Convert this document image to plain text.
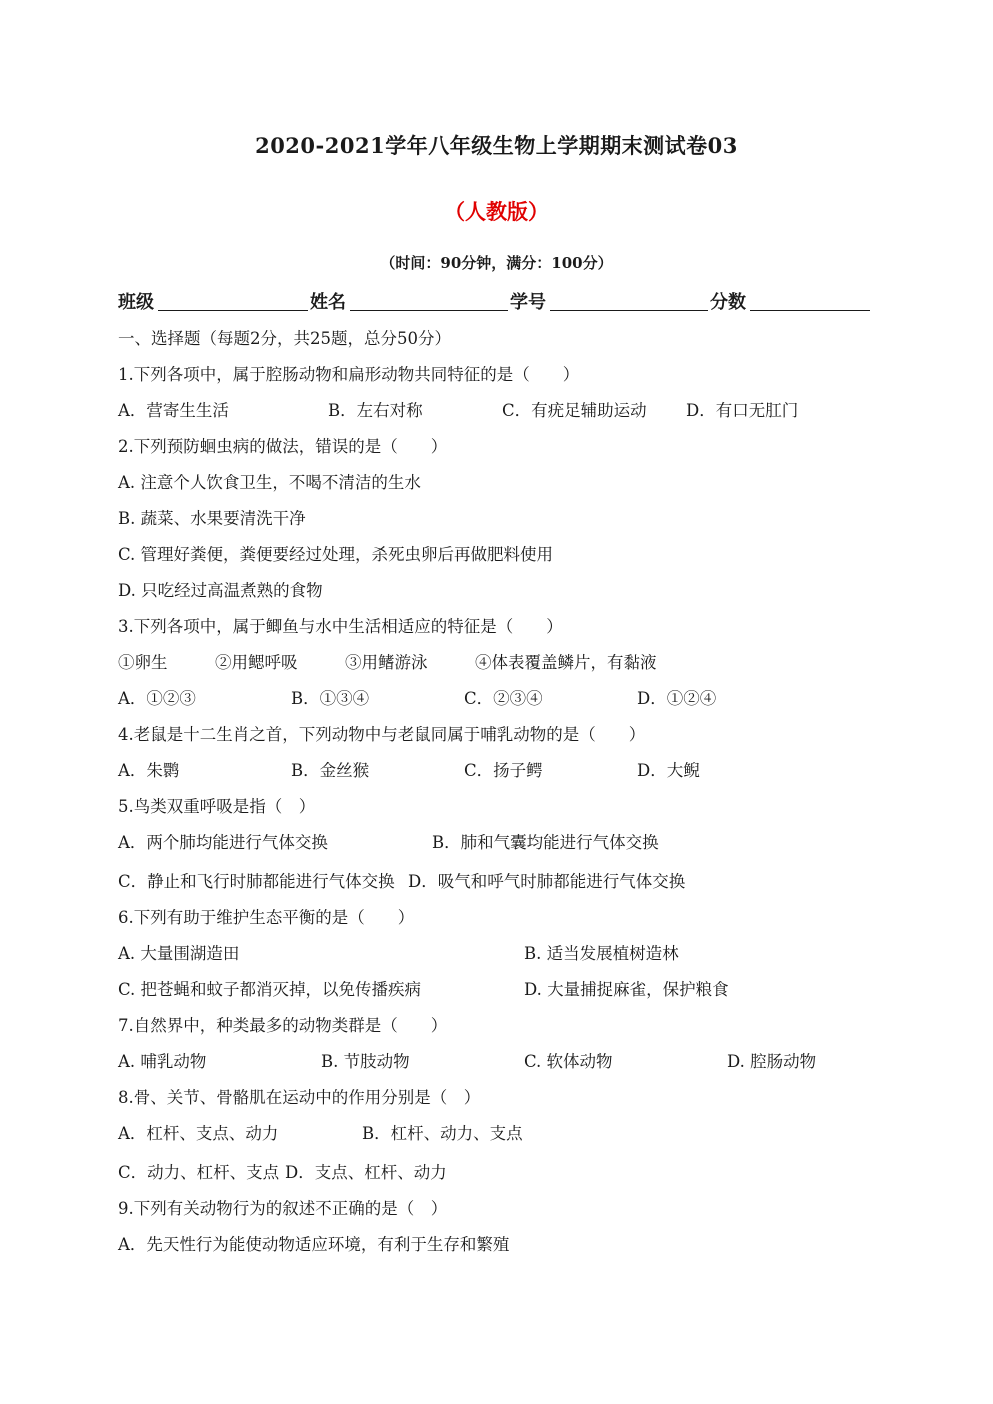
2020-2021学年八年级生物上学期期末测试卷03
（人教版）
（时间：90分钟，满分：100分）
班级	姓名	学号	分数
一、选择题（每题2分，共25题，总分50分）
1.下列各项中，属于腔肠动物和扁形动物共同特征的是（　　）
A．营寄生生活	B．左右对称	C．有疣足辅助运动 D．有口无肛门
2.下列预防蛔虫病的做法，错误的是（　　）
A. 注意个人饮食卫生，不喝不清洁的生水
B. 蔬菜、水果要清洗干净
C. 管理好粪便，粪便要经过处理，杀死虫卵后再做肥料使用
D. 只吃经过高温煮熟的食物
3.下列各项中，属于鲫鱼与水中生活相适应的特征是（　　）
①卵生	②用鳃呼吸	③用鳍游泳	④体表覆盖鳞片，有黏液
A．①②③	B．①③④	C．②③④	D．①②④
4.老鼠是十二生肖之首，下列动物中与老鼠同属于哺乳动物的是（　　）
A．朱鹮	B．金丝猴	C．扬子鳄	D．大鲵
5.鸟类双重呼吸是指（　）
A．两个肺均能进行气体交换	B．肺和气囊均能进行气体交换
C．静止和飞行时肺都能进行气体交换 D．吸气和呼气时肺都能进行气体交换
6.下列有助于维护生态平衡的是（　　）
A. 大量围湖造田	B. 适当发展植树造林
C. 把苍蝇和蚊子都消灭掉，以免传播疾病	D. 大量捕捉麻雀，保护粮食
7.自然界中，种类最多的动物类群是（　　）
A. 哺乳动物	B. 节肢动物	C. 软体动物	D. 腔肠动物
8.骨、关节、骨骼肌在运动中的作用分别是（　）
A．杠杆、支点、动力	B．杠杆、动力、支点
C．动力、杠杆、支点 D．支点、杠杆、动力
9.下列有关动物行为的叙述不正确的是（　）
A．先天性行为能使动物适应环境，有利于生存和繁殖
